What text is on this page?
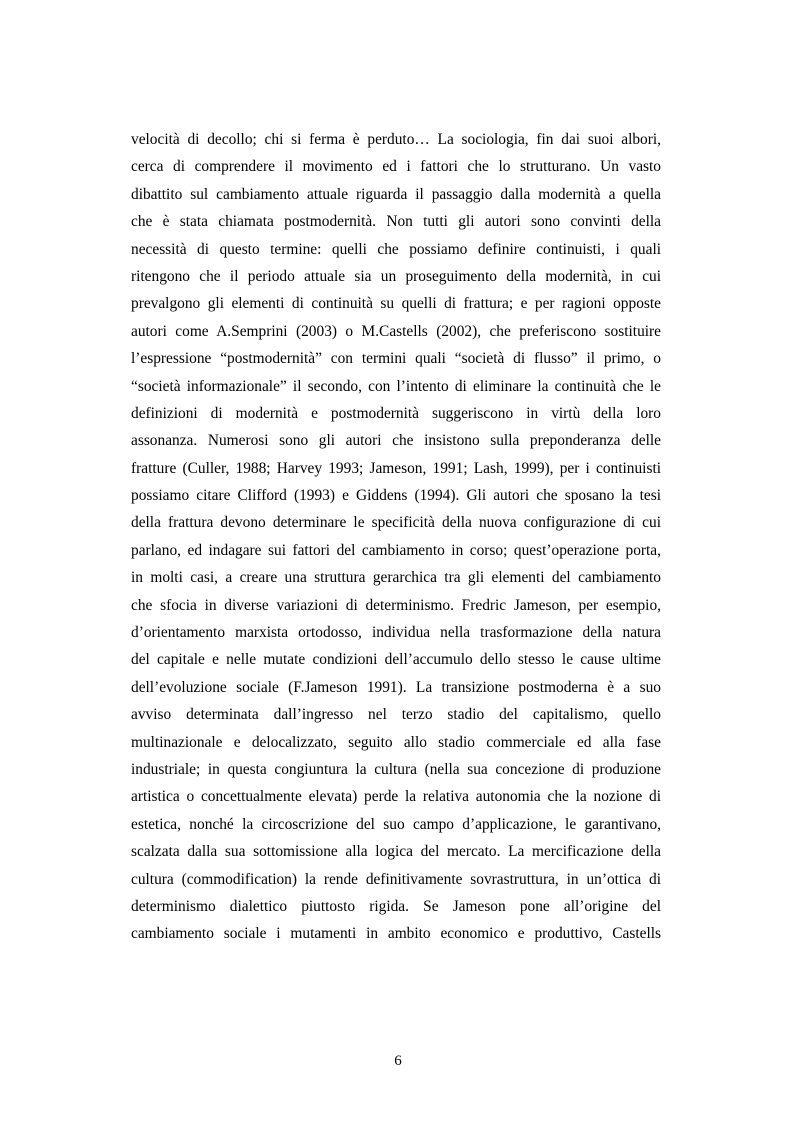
velocità di decollo; chi si ferma è perduto… La sociologia, fin dai suoi albori,
cerca di comprendere il movimento ed i fattori che lo strutturano. Un vasto
dibattito sul cambiamento attuale riguarda il passaggio dalla modernità a quella
che è stata chiamata postmodernità. Non tutti gli autori sono convinti della
necessità di questo termine: quelli che possiamo definire continuisti, i quali
ritengono che il periodo attuale sia un proseguimento della modernità, in cui
prevalgono gli elementi di continuità su quelli di frattura; e per ragioni opposte
autori come A.Semprini (2003) o M.Castells (2002), che preferiscono sostituire
l’espressione “postmodernità” con termini quali “società di flusso” il primo, o
“società informazionale” il secondo, con l’intento di eliminare la continuità che le
definizioni di modernità e postmodernità suggeriscono in virtù della loro
assonanza. Numerosi sono gli autori che insistono sulla preponderanza delle
fratture (Culler, 1988; Harvey 1993; Jameson, 1991; Lash, 1999), per i continuisti
possiamo citare Clifford (1993) e Giddens (1994). Gli autori che sposano la tesi
della frattura devono determinare le specificità della nuova configurazione di cui
parlano, ed indagare sui fattori del cambiamento in corso; quest’operazione porta,
in molti casi, a creare una struttura gerarchica tra gli elementi del cambiamento
che sfocia in diverse variazioni di determinismo. Fredric Jameson, per esempio,
d’orientamento marxista ortodosso, individua nella trasformazione della natura
del capitale e nelle mutate condizioni dell’accumulo dello stesso le cause ultime
dell’evoluzione sociale (F.Jameson 1991). La transizione postmoderna è a suo
avviso determinata dall’ingresso nel terzo stadio del capitalismo, quello
multinazionale e delocalizzato, seguito allo stadio commerciale ed alla fase
industriale; in questa congiuntura la cultura (nella sua concezione di produzione
artistica o concettualmente elevata) perde la relativa autonomia che la nozione di
estetica, nonché la circoscrizione del suo campo d’applicazione, le garantivano,
scalzata dalla sua sottomissione alla logica del mercato. La mercificazione della
cultura (commodification) la rende definitivamente sovrastruttura, in un’ottica di
determinismo dialettico piuttosto rigida. Se Jameson pone all’origine del
cambiamento sociale i mutamenti in ambito economico e produttivo, Castells
6
